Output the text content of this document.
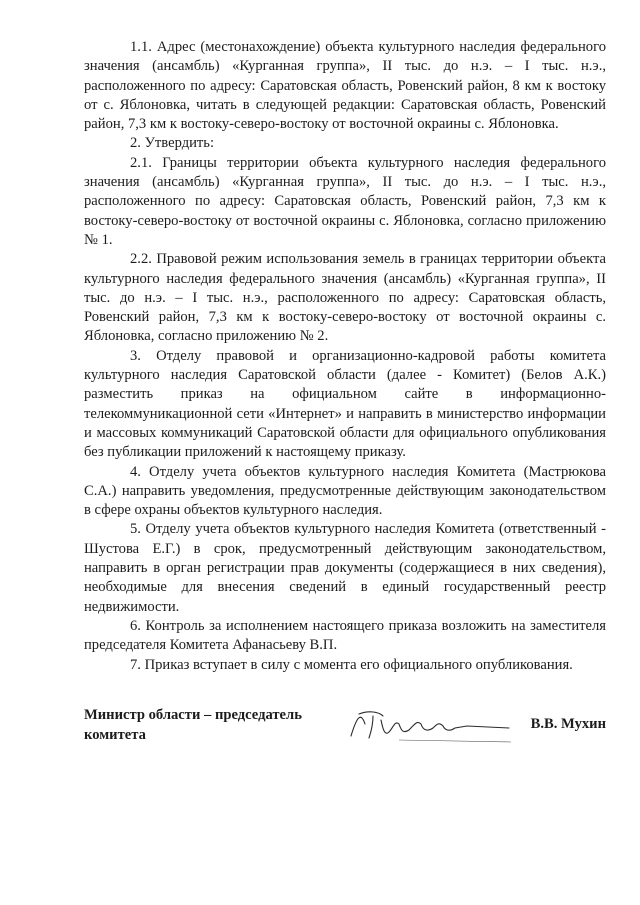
1.1. Адрес (местонахождение) объекта культурного наследия федерального значения (ансамбль) «Курганная группа», II тыс. до н.э. – I тыс. н.э., расположенного по адресу: Саратовская область, Ровенский район, 8 км к востоку от с. Яблоновка, читать в следующей редакции: Саратовская область, Ровенский район, 7,3 км к востоку-северо-востоку от восточной окраины с. Яблоновка.

2. Утвердить:

2.1. Границы территории объекта культурного наследия федерального значения (ансамбль) «Курганная группа», II тыс. до н.э. – I тыс. н.э., расположенного по адресу: Саратовская область, Ровенский район, 7,3 км к востоку-северо-востоку от восточной окраины с. Яблоновка, согласно приложению № 1.

2.2. Правовой режим использования земель в границах территории объекта культурного наследия федерального значения (ансамбль) «Курганная группа», II тыс. до н.э. – I тыс. н.э., расположенного по адресу: Саратовская область, Ровенский район, 7,3 км к востоку-северо-востоку от восточной окраины с. Яблоновка, согласно приложению № 2.

3. Отделу правовой и организационно-кадровой работы комитета культурного наследия Саратовской области (далее - Комитет) (Белов А.К.) разместить приказ на официальном сайте в информационно-телекоммуникационной сети «Интернет» и направить в министерство информации и массовых коммуникаций Саратовской области для официального опубликования без публикации приложений к настоящему приказу.

4. Отделу учета объектов культурного наследия Комитета (Мастрюкова С.А.) направить уведомления, предусмотренные действующим законодательством в сфере охраны объектов культурного наследия.

5. Отделу учета объектов культурного наследия Комитета (ответственный - Шустова Е.Г.) в срок, предусмотренный действующим законодательством, направить в орган регистрации прав документы (содержащиеся в них сведения), необходимые для внесения сведений в единый государственный реестр недвижимости.

6. Контроль за исполнением настоящего приказа возложить на заместителя председателя Комитета Афанасьеву В.П.

7. Приказ вступает в силу с момента его официального опубликования.

Министр области – председатель комитета
В.В. Мухин
